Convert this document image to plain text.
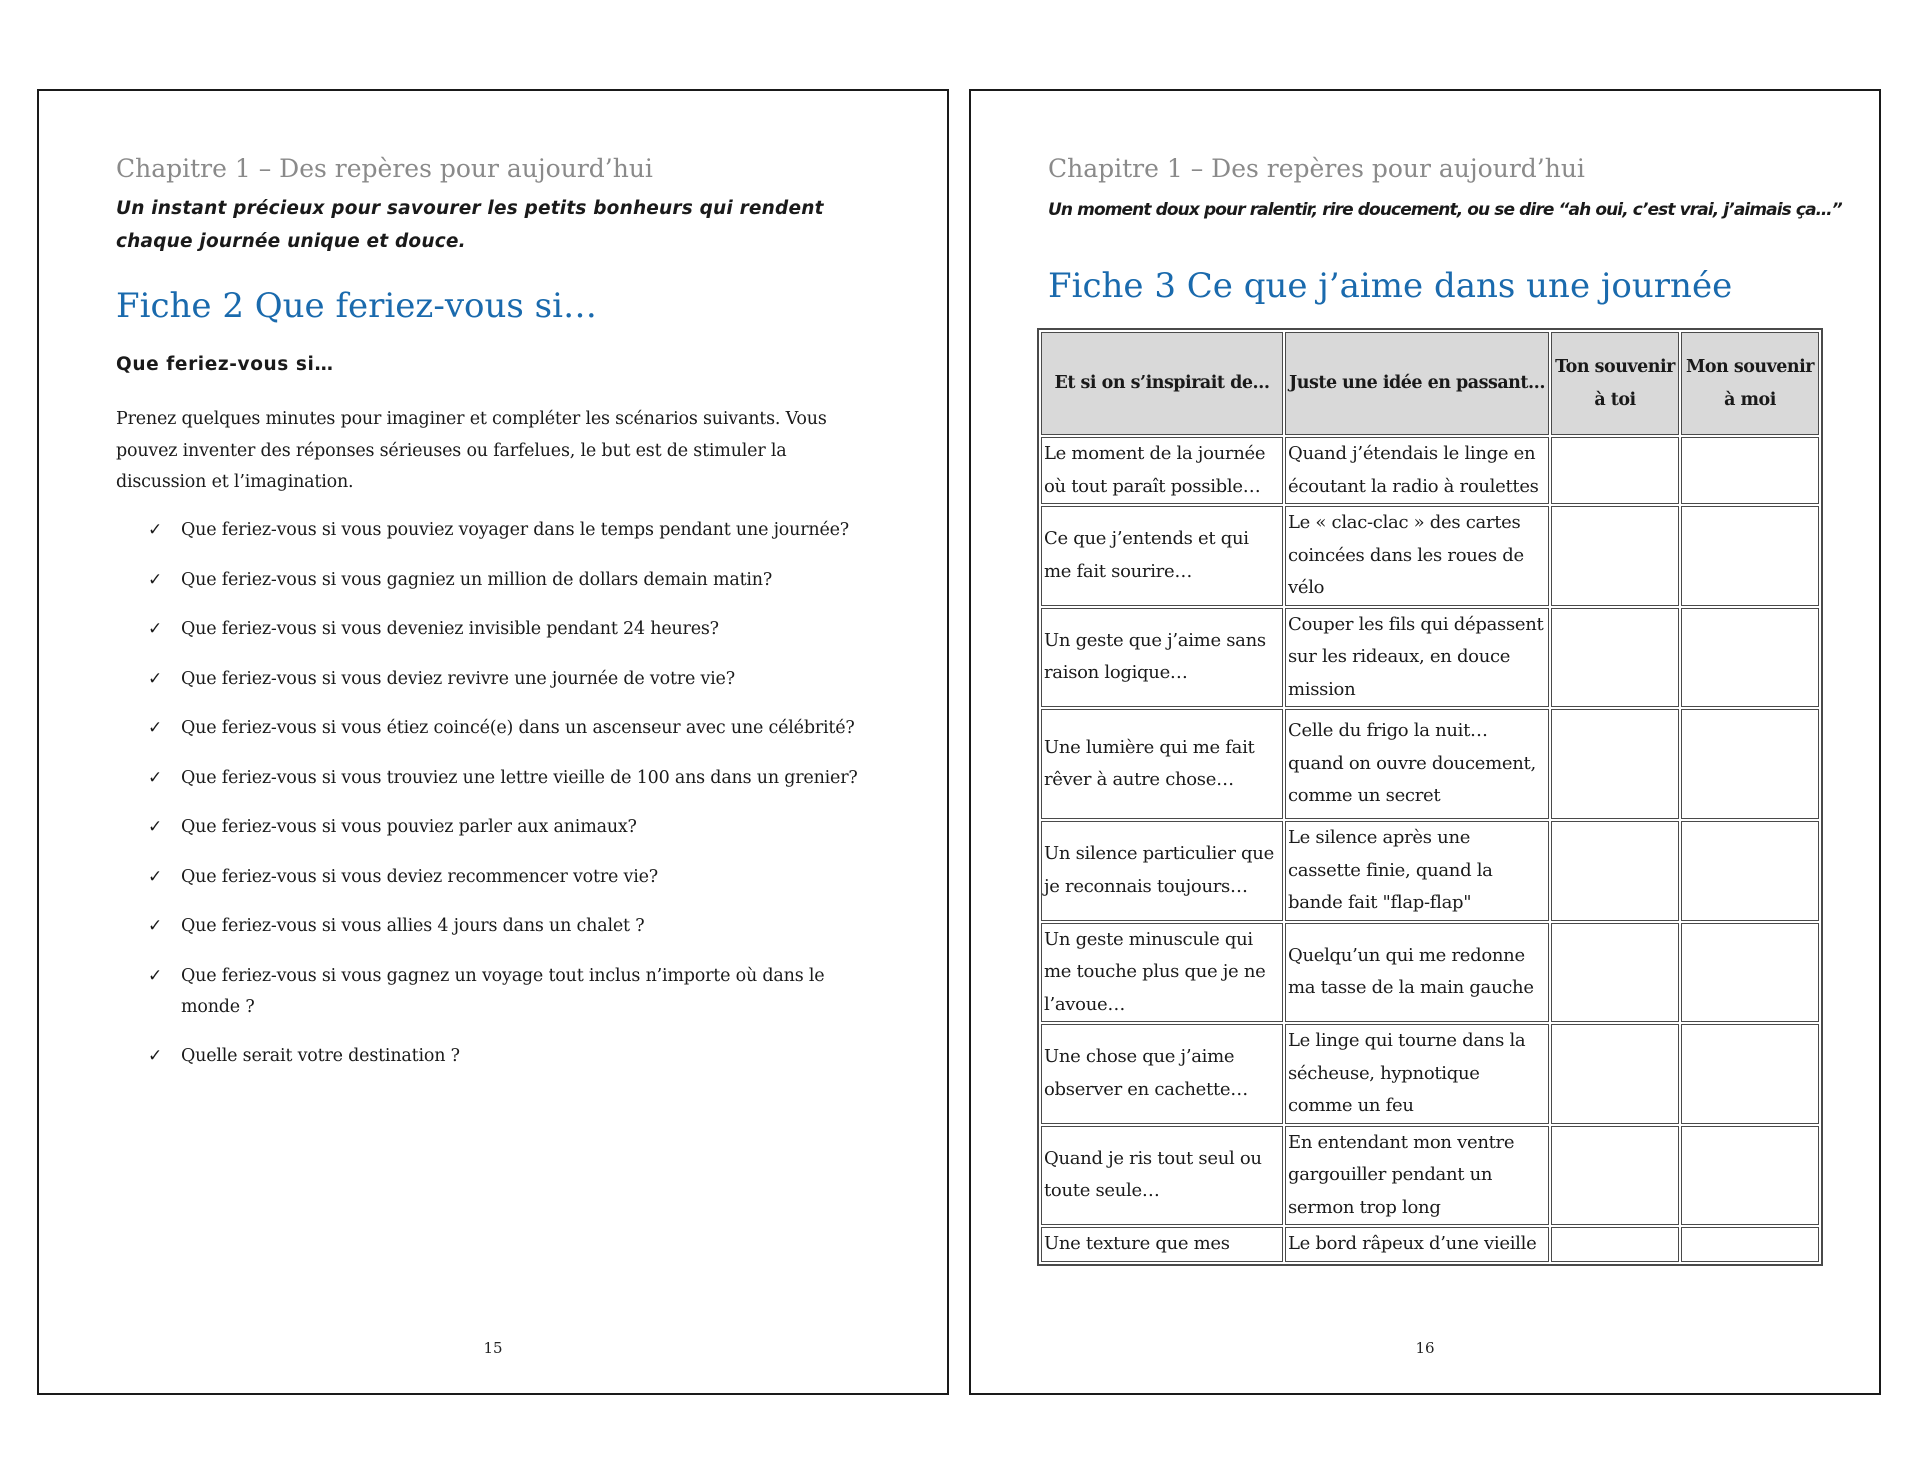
Chapitre 1 – Des repères pour aujourd’hui
Un instant précieux pour savourer les petits bonheurs qui rendent chaque journée unique et douce.
Fiche 2 Que feriez-vous si…
Que feriez-vous si…
Prenez quelques minutes pour imaginer et compléter les scénarios suivants. Vous pouvez inventer des réponses sérieuses ou farfelues, le but est de stimuler la discussion et l’imagination.
✓ Que feriez-vous si vous pouviez voyager dans le temps pendant une journée?
✓ Que feriez-vous si vous gagniez un million de dollars demain matin?
✓ Que feriez-vous si vous deveniez invisible pendant 24 heures?
✓ Que feriez-vous si vous deviez revivre une journée de votre vie?
✓ Que feriez-vous si vous étiez coincé(e) dans un ascenseur avec une célébrité?
✓ Que feriez-vous si vous trouviez une lettre vieille de 100 ans dans un grenier?
✓ Que feriez-vous si vous pouviez parler aux animaux?
✓ Que feriez-vous si vous deviez recommencer votre vie?
✓ Que feriez-vous si vous allies 4 jours dans un chalet ?
✓ Que feriez-vous si vous gagnez un voyage tout inclus n’importe où dans le monde ?
✓ Quelle serait votre destination ?
15
Chapitre 1 – Des repères pour aujourd’hui
Un moment doux pour ralentir, rire doucement, ou se dire “ah oui, c’est vrai, j’aimais ça…”
Fiche 3 Ce que j’aime dans une journée
Et si on s’inspirait de…	Juste une idée en passant…	Ton souvenir à toi	Mon souvenir à moi
Le moment de la journée où tout paraît possible…	Quand j’étendais le linge en écoutant la radio à roulettes		
Ce que j’entends et qui me fait sourire…	Le « clac-clac » des cartes coincées dans les roues de vélo		
Un geste que j’aime sans raison logique…	Couper les fils qui dépassent sur les rideaux, en douce mission		
Une lumière qui me fait rêver à autre chose…	Celle du frigo la nuit… quand on ouvre doucement, comme un secret		
Un silence particulier que je reconnais toujours…	Le silence après une cassette finie, quand la bande fait "flap-flap"		
Un geste minuscule qui me touche plus que je ne l’avoue…	Quelqu’un qui me redonne ma tasse de la main gauche		
Une chose que j’aime observer en cachette…	Le linge qui tourne dans la sécheuse, hypnotique comme un feu		
Quand je ris tout seul ou toute seule…	En entendant mon ventre gargouiller pendant un sermon trop long		
Une texture que mes	Le bord râpeux d’une vieille		
16
